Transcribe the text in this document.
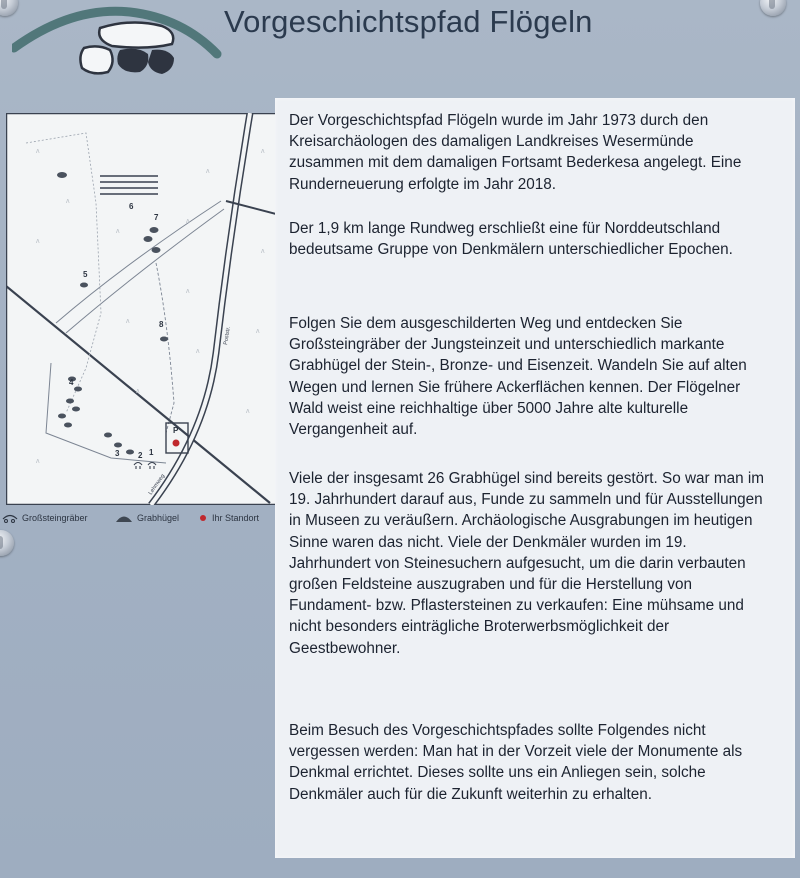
Vorgeschichtspfad Flögeln
ʌ
ʌ
ʌ
ʌ
ʌ
ʌ
ʌ
ʌ
ʌ
ʌ
ʌ
ʌ
ʌ
ʌ
ʌ
1
2
3
4
5
6
7
8
P
Poststr.
Lehmweg
Großsteingräber	Grabhügel	Ihr Standort

Der Vorgeschichtspfad Flögeln wurde im Jahr 1973 durch den Kreisarchäologen des damaligen Landkreises Wesermünde zusammen mit dem damaligen Fortsamt Bederkesa angelegt. Eine Runderneuerung erfolgte im Jahr 2018.

Der 1,9 km lange Rundweg erschließt eine für Norddeutschland bedeutsame Gruppe von Denkmälern unterschiedlicher Epochen.

Folgen Sie dem ausgeschilderten Weg und entdecken Sie Großsteingräber der Jungsteinzeit und unterschiedlich markante Grabhügel der Stein-, Bronze- und Eisenzeit. Wandeln Sie auf alten Wegen und lernen Sie frühere Ackerflächen kennen. Der Flögelner Wald weist eine reichhaltige über 5000 Jahre alte kulturelle Vergangenheit auf.

Viele der insgesamt 26 Grabhügel sind bereits gestört. So war man im 19. Jahrhundert darauf aus, Funde zu sammeln und für Ausstellungen in Museen zu veräußern. Archäologische Ausgrabungen im heutigen Sinne waren das nicht. Viele der Denkmäler wurden im 19. Jahrhundert von Steinesuchern aufgesucht, um die darin verbauten großen Feldsteine auszugraben und für die Herstellung von Fundament- bzw. Pflastersteinen zu verkaufen: Eine mühsame und nicht besonders einträgliche Broterwerbsmöglichkeit der Geestbewohner.

Beim Besuch des Vorgeschichtspfades sollte Folgendes nicht vergessen werden: Man hat in der Vorzeit viele der Monumente als Denkmal errichtet. Dieses sollte uns ein Anliegen sein, solche Denkmäler auch für die Zukunft weiterhin zu erhalten.
